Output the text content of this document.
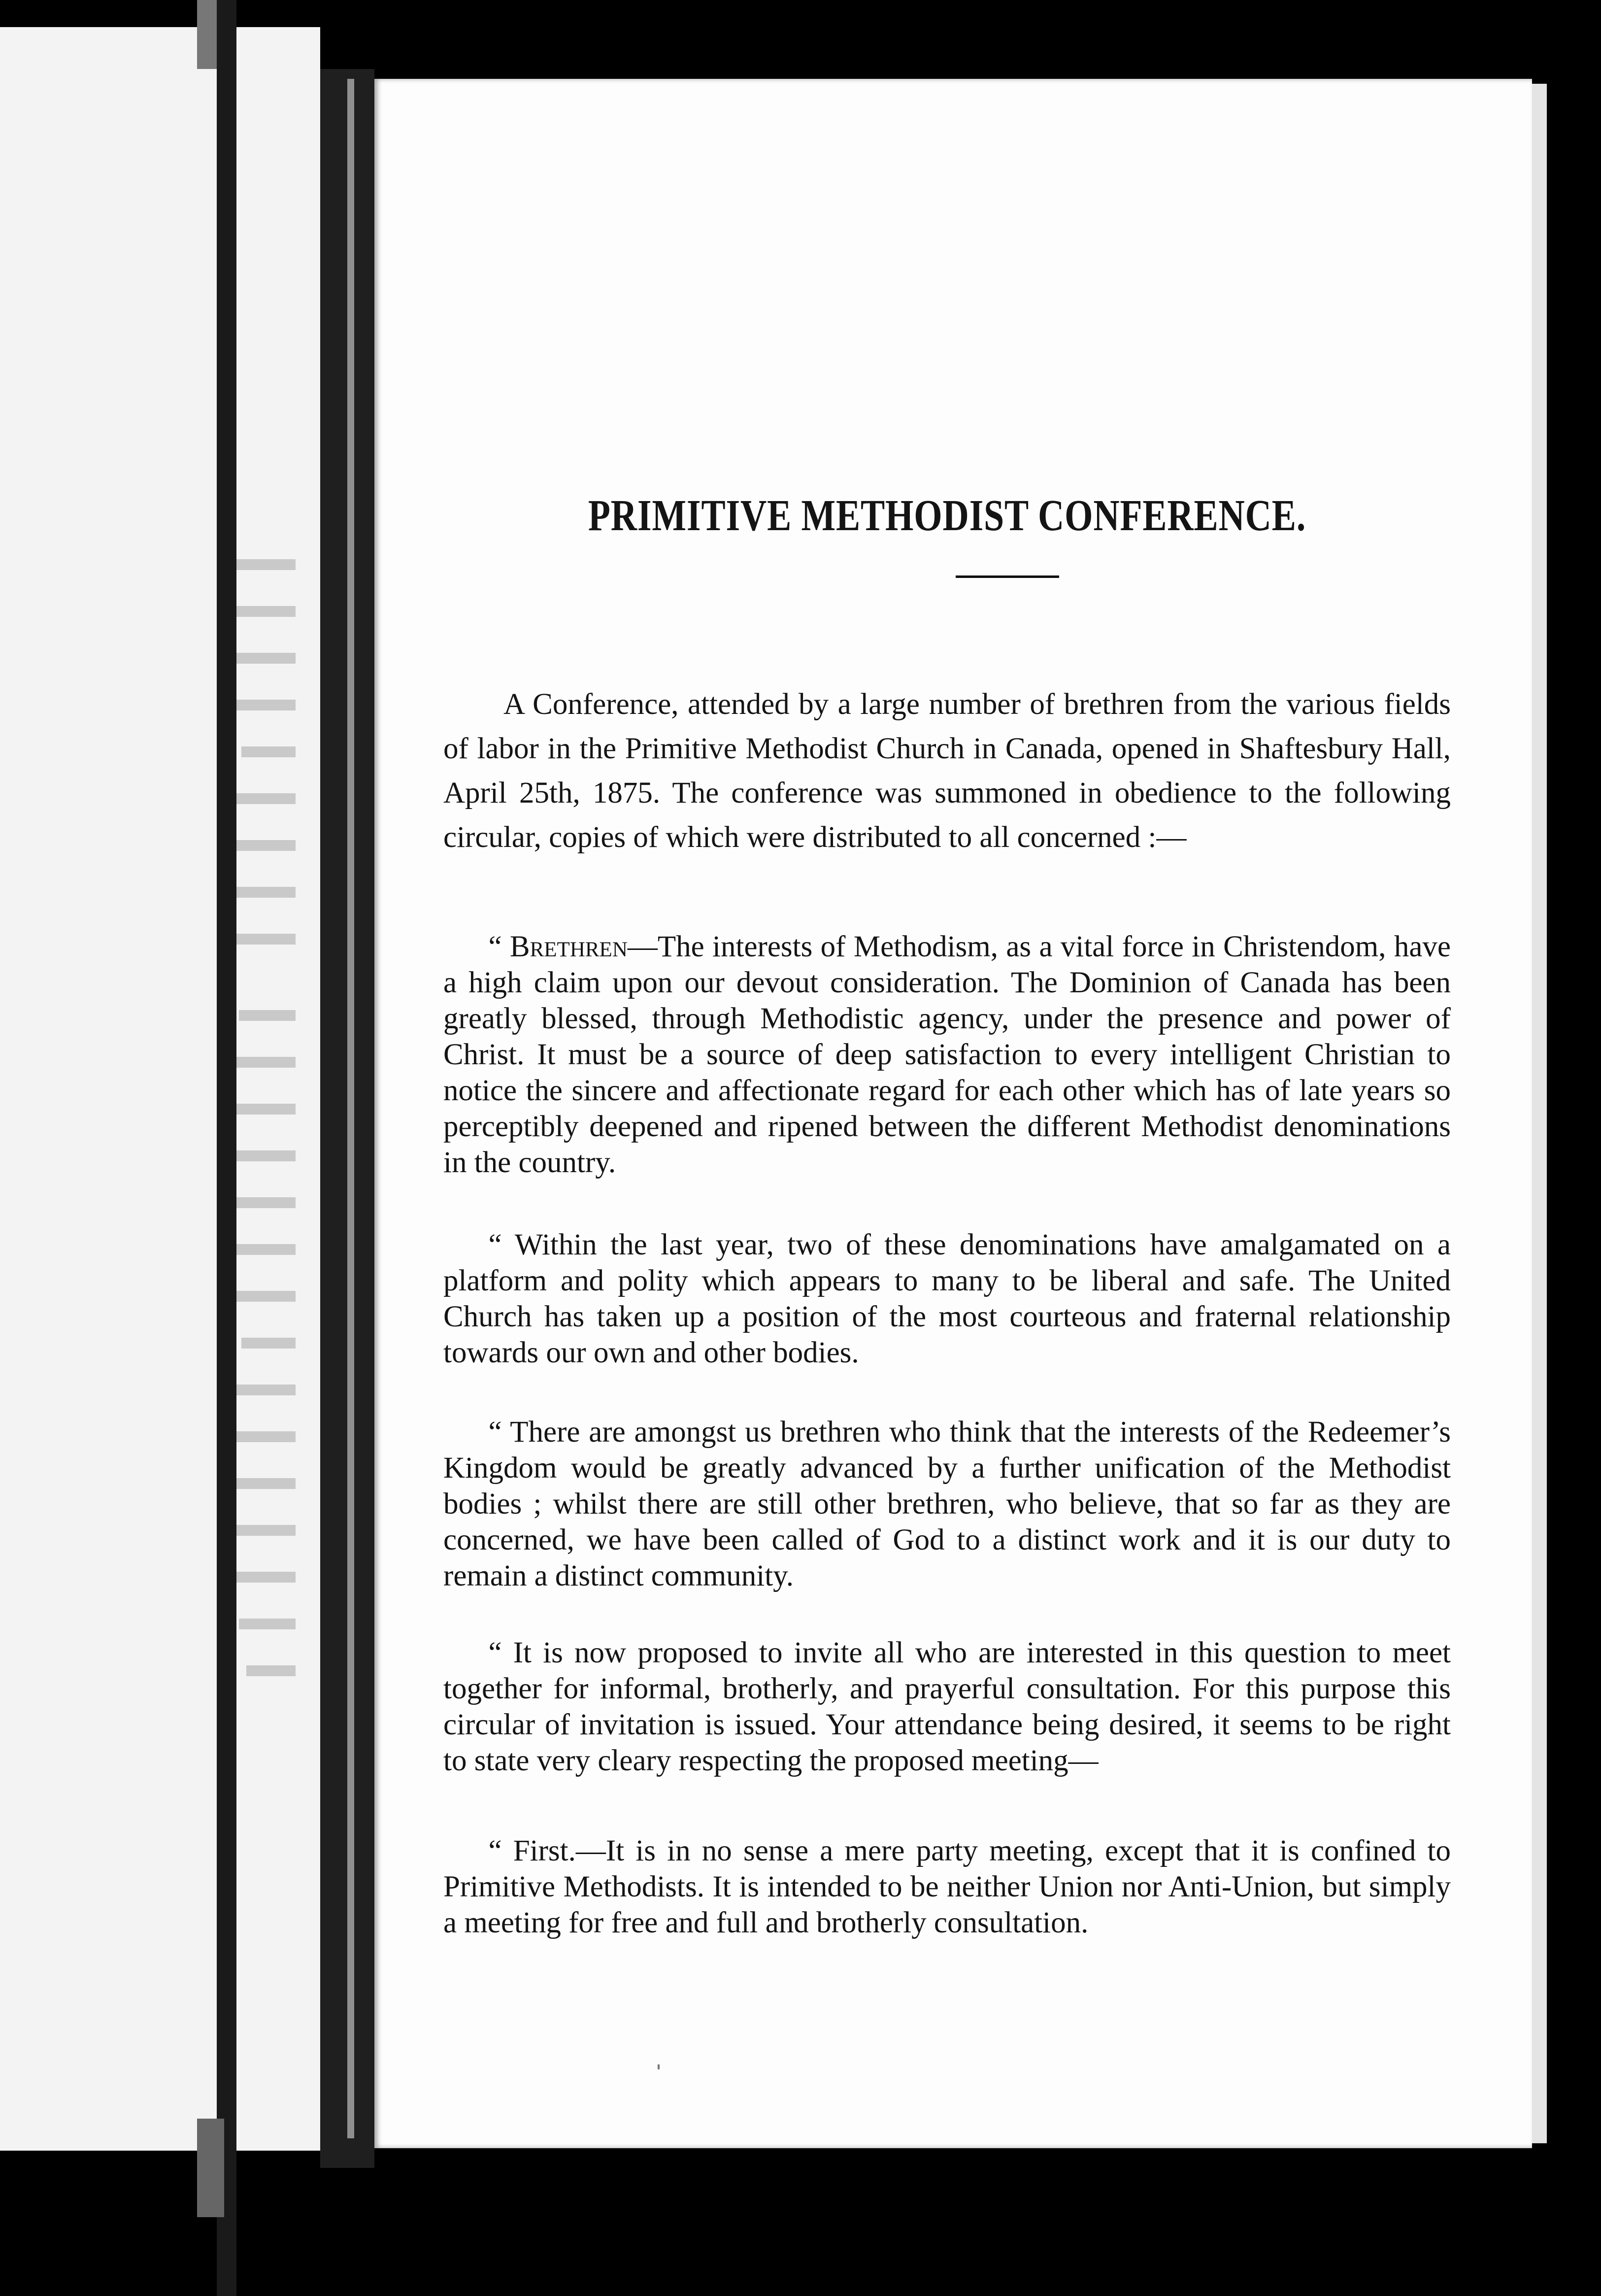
PRIMITIVE METHODIST CONFERENCE.

A Conference, attended by a large number of brethren from the various fields of labor in the Primitive Methodist Church in Canada, opened in Shaftesbury Hall, April 25th, 1875. The conference was summoned in obedience to the following circular, copies of which were distributed to all concerned :—

“ Brethren—The interests of Methodism, as a vital force in Christendom, have a high claim upon our devout consideration. The Dominion of Canada has been greatly blessed, through Methodistic agency, under the presence and power of Christ. It must be a source of deep satisfaction to every intelligent Christian to notice the sincere and affectionate regard for each other which has of late years so perceptibly deepened and ripened between the different Methodist denominations in the country.

“ Within the last year, two of these denominations have amalgamated on a platform and polity which appears to many to be liberal and safe. The United Church has taken up a position of the most courteous and fraternal relationship towards our own and other bodies.

“ There are amongst us brethren who think that the interests of the Redeemer’s Kingdom would be greatly advanced by a further unification of the Methodist bodies ; whilst there are still other brethren, who believe, that so far as they are concerned, we have been called of God to a distinct work and it is our duty to remain a distinct community.

“ It is now proposed to invite all who are interested in this question to meet together for informal, brotherly, and prayerful consultation. For this purpose this circular of invitation is issued. Your attendance being desired, it seems to be right to state very cleary respecting the proposed meeting—

“ First.—It is in no sense a mere party meeting, except that it is confined to Primitive Methodists. It is intended to be neither Union nor Anti-Union, but simply a meeting for free and full and brotherly consultation.
